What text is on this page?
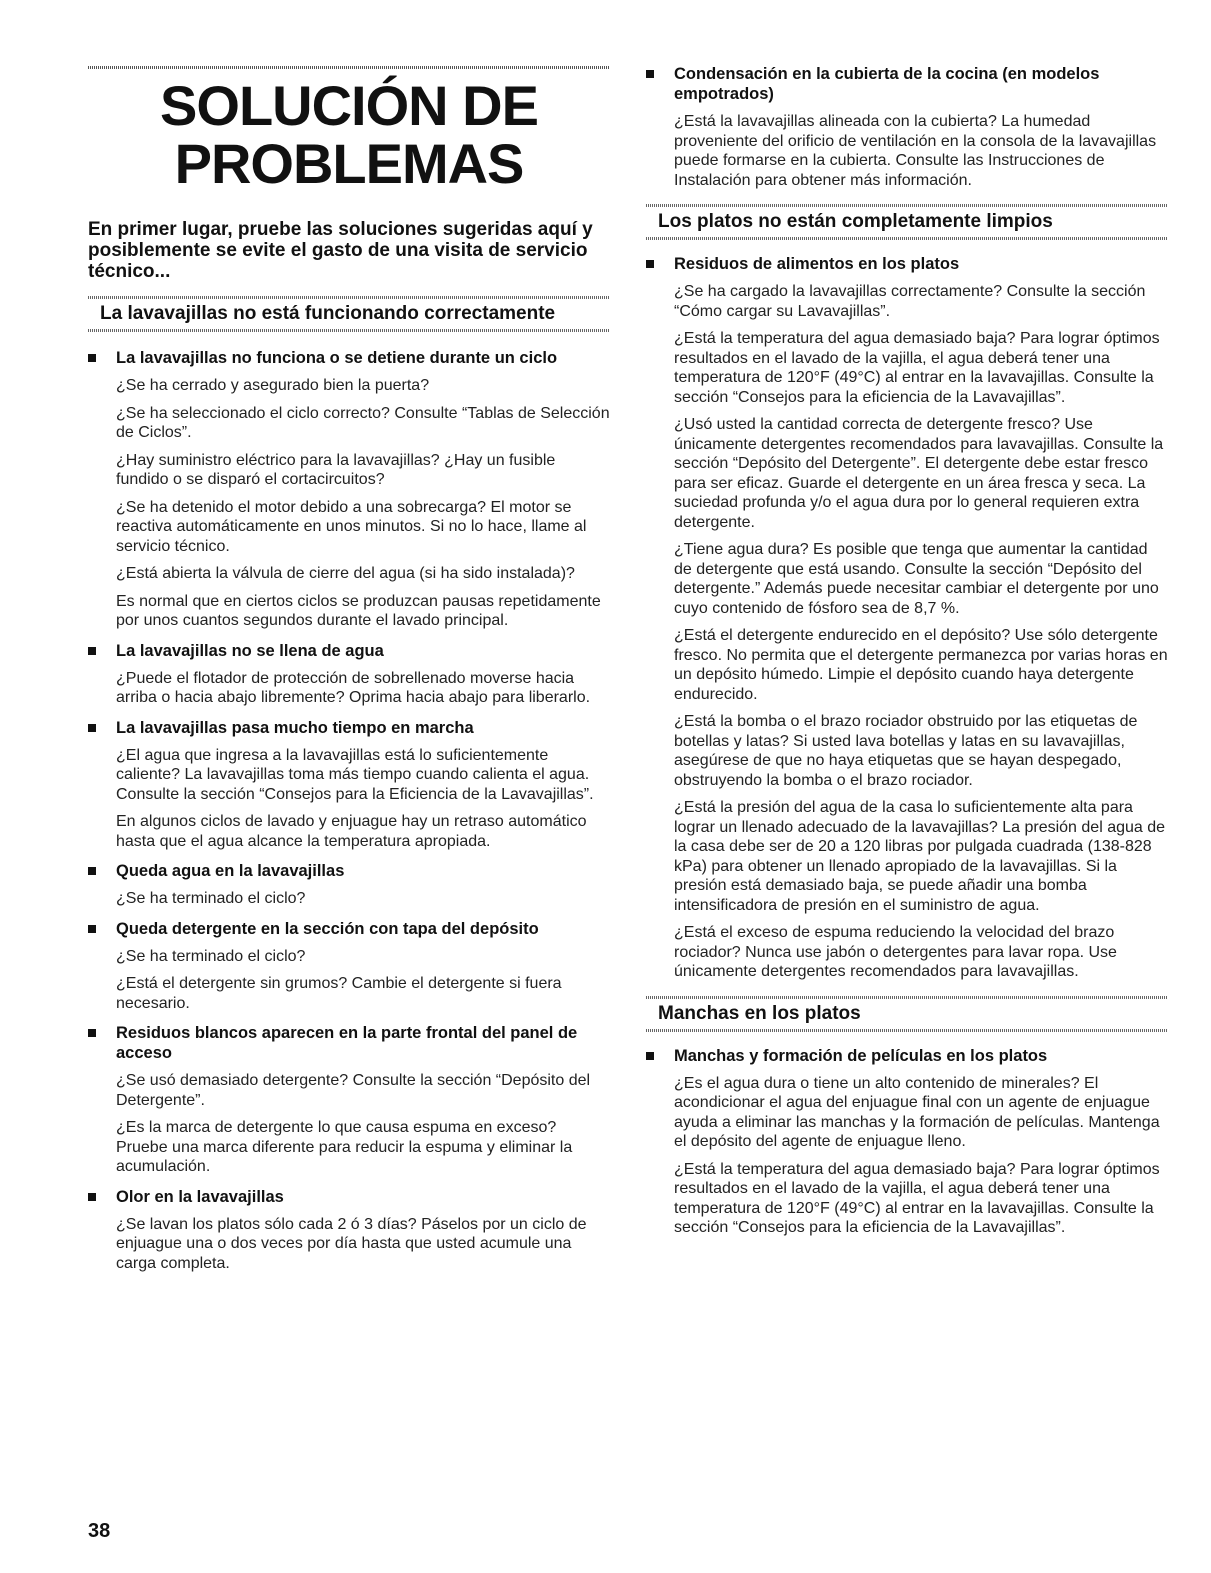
SOLUCIÓN DE
PROBLEMAS

En primer lugar, pruebe las soluciones sugeridas aquí y posiblemente se evite el gasto de una visita de servicio técnico...

La lavavajillas no está funcionando correctamente

La lavavajillas no funciona o se detiene durante un ciclo

¿Se ha cerrado y asegurado bien la puerta?

¿Se ha seleccionado el ciclo correcto? Consulte “Tablas de Selección de Ciclos”.

¿Hay suministro eléctrico para la lavavajillas? ¿Hay un fusible fundido o se disparó el cortacircuitos?

¿Se ha detenido el motor debido a una sobrecarga? El motor se reactiva automáticamente en unos minutos. Si no lo hace, llame al servicio técnico.

¿Está abierta la válvula de cierre del agua (si ha sido instalada)?

Es normal que en ciertos ciclos se produzcan pausas repetidamente por unos cuantos segundos durante el lavado principal.

La lavavajillas no se llena de agua

¿Puede el flotador de protección de sobrellenado moverse hacia arriba o hacia abajo libremente? Oprima hacia abajo para liberarlo.

La lavavajillas pasa mucho tiempo en marcha

¿El agua que ingresa a la lavavajillas está lo suficientemente caliente? La lavavajillas toma más tiempo cuando calienta el agua. Consulte la sección “Consejos para la Eficiencia de la Lavavajillas”.

En algunos ciclos de lavado y enjuague hay un retraso automático hasta que el agua alcance la temperatura apropiada.

Queda agua en la lavavajillas

¿Se ha terminado el ciclo?

Queda detergente en la sección con tapa del depósito

¿Se ha terminado el ciclo?

¿Está el detergente sin grumos? Cambie el detergente si fuera necesario.

Residuos blancos aparecen en la parte frontal del panel de acceso

¿Se usó demasiado detergente? Consulte la sección “Depósito del Detergente”.

¿Es la marca de detergente lo que causa espuma en exceso? Pruebe una marca diferente para reducir la espuma y eliminar la acumulación.

Olor en la lavavajillas

¿Se lavan los platos sólo cada 2 ó 3 días? Páselos por un ciclo de enjuague una o dos veces por día hasta que usted acumule una carga completa.

Condensación en la cubierta de la cocina (en modelos empotrados)

¿Está la lavavajillas alineada con la cubierta? La humedad proveniente del orificio de ventilación en la consola de la lavavajillas puede formarse en la cubierta. Consulte las Instrucciones de Instalación para obtener más información.

Los platos no están completamente limpios

Residuos de alimentos en los platos

¿Se ha cargado la lavavajillas correctamente? Consulte la sección “Cómo cargar su Lavavajillas”.

¿Está la temperatura del agua demasiado baja? Para lograr óptimos resultados en el lavado de la vajilla, el agua deberá tener una temperatura de 120°F (49°C) al entrar en la lavavajillas. Consulte la sección “Consejos para la eficiencia de la Lavavajillas”.

¿Usó usted la cantidad correcta de detergente fresco? Use únicamente detergentes recomendados para lavavajillas. Consulte la sección “Depósito del Detergente”. El detergente debe estar fresco para ser eficaz. Guarde el detergente en un área fresca y seca. La suciedad profunda y/o el agua dura por lo general requieren extra detergente.

¿Tiene agua dura? Es posible que tenga que aumentar la cantidad de detergente que está usando. Consulte la sección “Depósito del detergente.” Además puede necesitar cambiar el detergente por uno cuyo contenido de fósforo sea de 8,7 %.

¿Está el detergente endurecido en el depósito? Use sólo detergente fresco. No permita que el detergente permanezca por varias horas en un depósito húmedo. Limpie el depósito cuando haya detergente endurecido.

¿Está la bomba o el brazo rociador obstruido por las etiquetas de botellas y latas? Si usted lava botellas y latas en su lavavajillas, asegúrese de que no haya etiquetas que se hayan despegado, obstruyendo la bomba o el brazo rociador.

¿Está la presión del agua de la casa lo suficientemente alta para lograr un llenado adecuado de la lavavajillas? La presión del agua de la casa debe ser de 20 a 120 libras por pulgada cuadrada (138-828 kPa) para obtener un llenado apropiado de la lavavajillas. Si la presión está demasiado baja, se puede añadir una bomba intensificadora de presión en el suministro de agua.

¿Está el exceso de espuma reduciendo la velocidad del brazo rociador? Nunca use jabón o detergentes para lavar ropa. Use únicamente detergentes recomendados para lavavajillas.

Manchas en los platos

Manchas y formación de películas en los platos

¿Es el agua dura o tiene un alto contenido de minerales? El acondicionar el agua del enjuague final con un agente de enjuague ayuda a eliminar las manchas y la formación de películas. Mantenga el depósito del agente de enjuague lleno.

¿Está la temperatura del agua demasiado baja? Para lograr óptimos resultados en el lavado de la vajilla, el agua deberá tener una temperatura de 120°F (49°C) al entrar en la lavavajillas. Consulte la sección “Consejos para la eficiencia de la Lavavajillas”.

38
